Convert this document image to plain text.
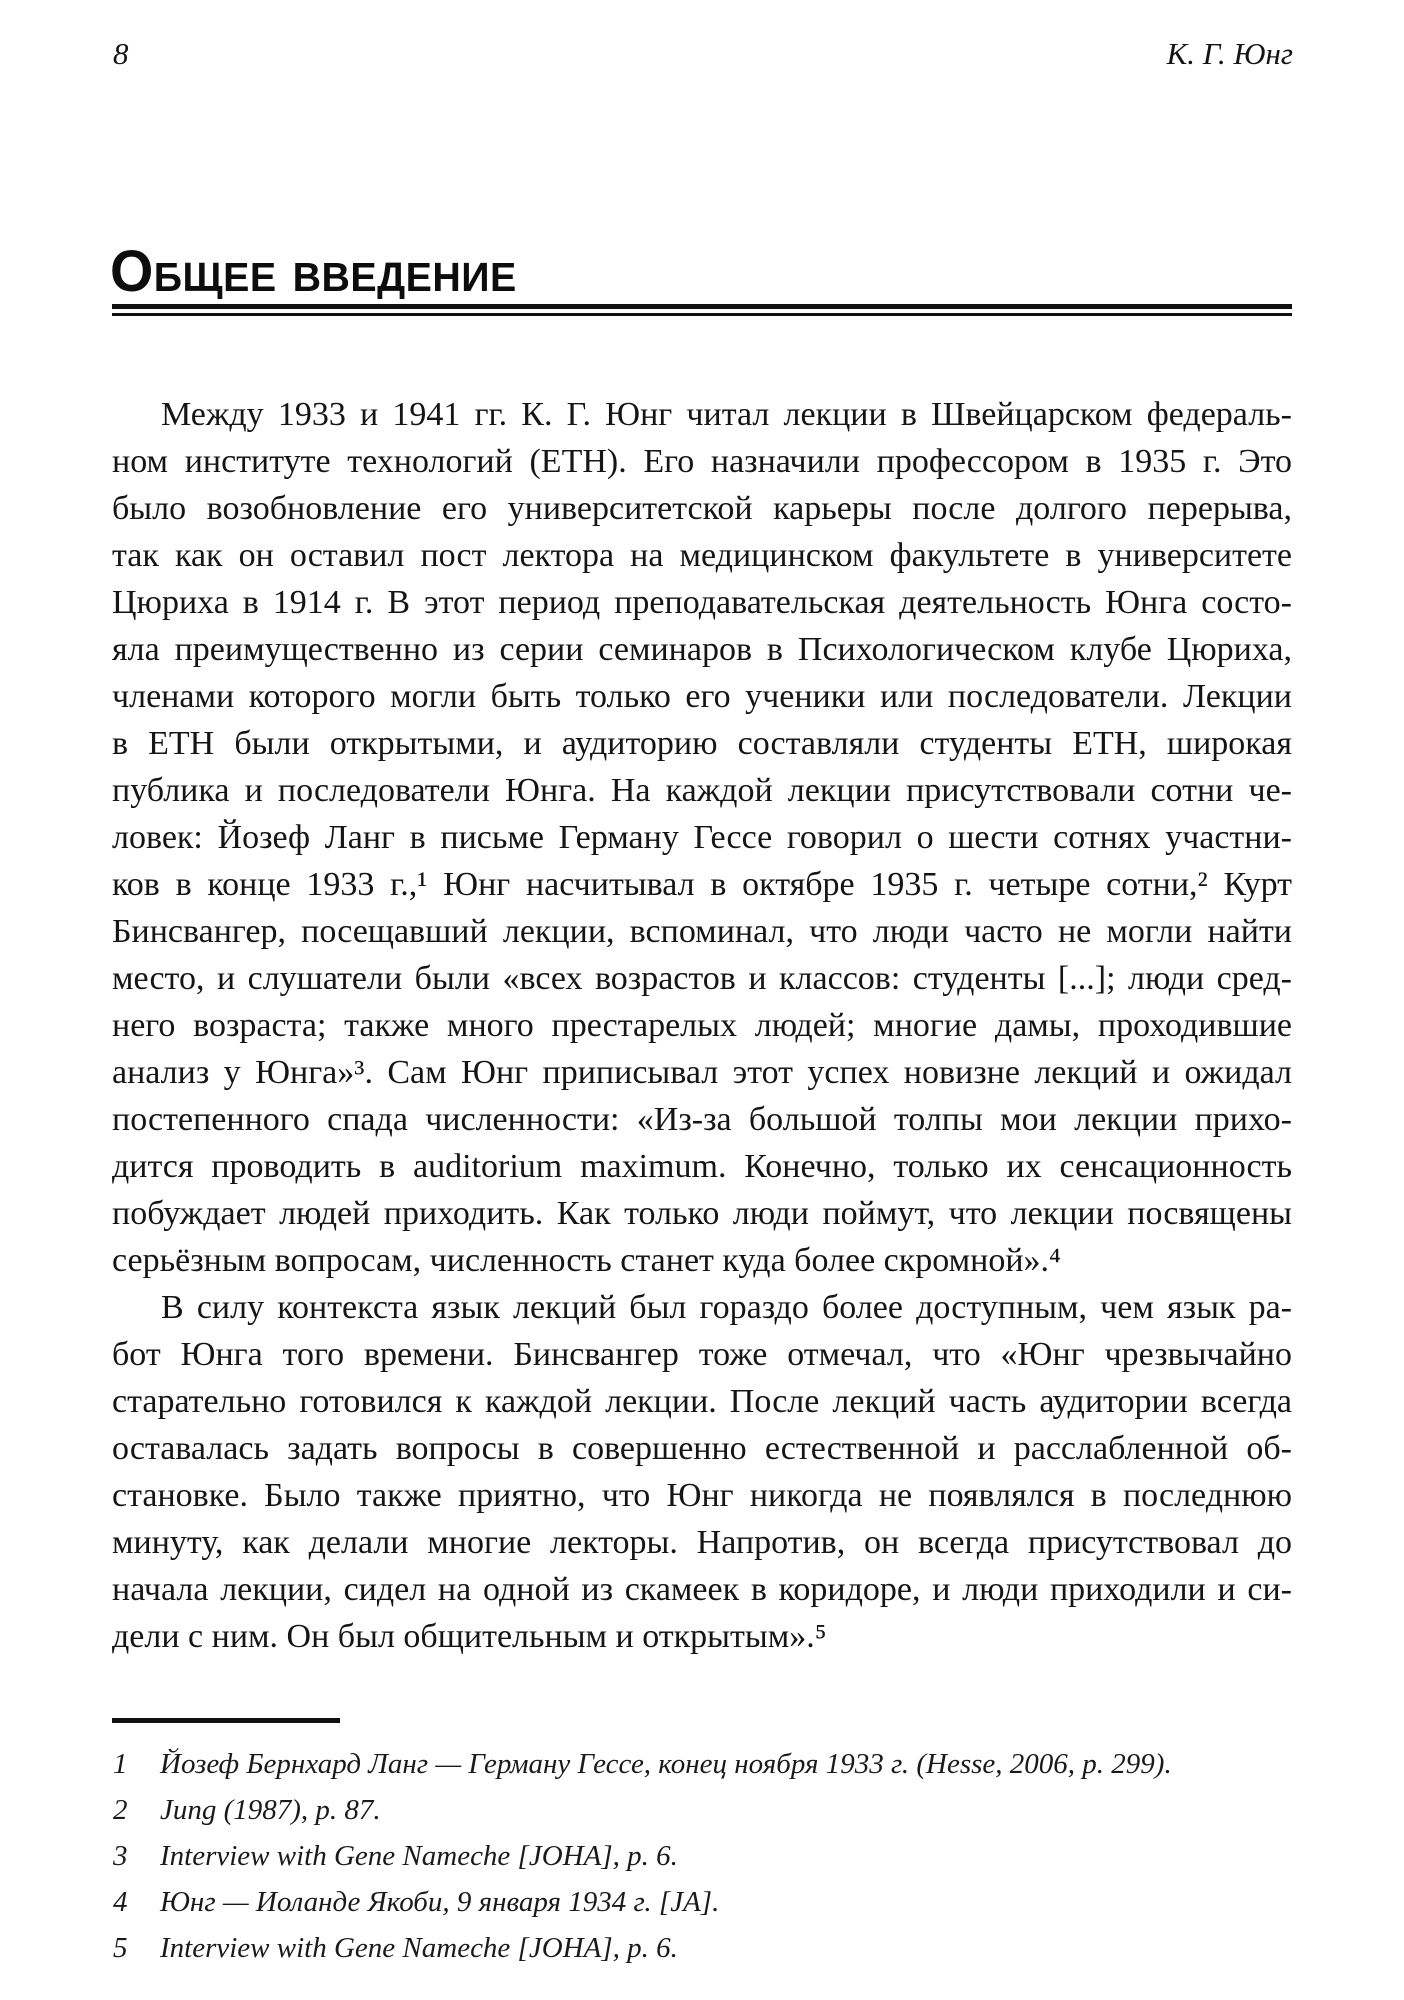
8	К. Г. Юнг
Общее введение
Между 1933 и 1941 гг. К. Г. Юнг читал лекции в Швейцарском федераль-
ном институте технологий (ETH). Его назначили профессором в 1935 г. Это
было возобновление его университетской карьеры после долгого перерыва,
так как он оставил пост лектора на медицинском факультете в университете
Цюриха в 1914 г. В этот период преподавательская деятельность Юнга состо-
яла преимущественно из серии семинаров в Психологическом клубе Цюриха,
членами которого могли быть только его ученики или последователи. Лекции
в ETH были открытыми, и аудиторию составляли студенты ETH, широкая
публика и последователи Юнга. На каждой лекции присутствовали сотни че-
ловек: Йозеф Ланг в письме Герману Гессе говорил о шести сотнях участни-
ков в конце 1933 г.,¹ Юнг насчитывал в октябре 1935 г. четыре сотни,² Курт
Бинсвангер, посещавший лекции, вспоминал, что люди часто не могли найти
место, и слушатели были «всех возрастов и классов: студенты [...]; люди сред-
него возраста; также много престарелых людей; многие дамы, проходившие
анализ у Юнга»³. Сам Юнг приписывал этот успех новизне лекций и ожидал
постепенного спада численности: «Из-за большой толпы мои лекции прихо-
дится проводить в auditorium maximum. Конечно, только их сенсационность
побуждает людей приходить. Как только люди поймут, что лекции посвящены
серьёзным вопросам, численность станет куда более скромной».⁴
В силу контекста язык лекций был гораздо более доступным, чем язык ра-
бот Юнга того времени. Бинсвангер тоже отмечал, что «Юнг чрезвычайно
старательно готовился к каждой лекции. После лекций часть аудитории всегда
оставалась задать вопросы в совершенно естественной и расслабленной об-
становке. Было также приятно, что Юнг никогда не появлялся в последнюю
минуту, как делали многие лекторы. Напротив, он всегда присутствовал до
начала лекции, сидел на одной из скамеек в коридоре, и люди приходили и си-
дели с ним. Он был общительным и открытым».⁵
1	Йозеф Бернхард Ланг — Герману Гессе, конец ноября 1933 г. (Hesse, 2006, p. 299).
2	Jung (1987), p. 87.
3	Interview with Gene Nameche [JOHA], p. 6.
4	Юнг — Иоланде Якоби, 9 января 1934 г. [JA].
5	Interview with Gene Nameche [JOHA], p. 6.
